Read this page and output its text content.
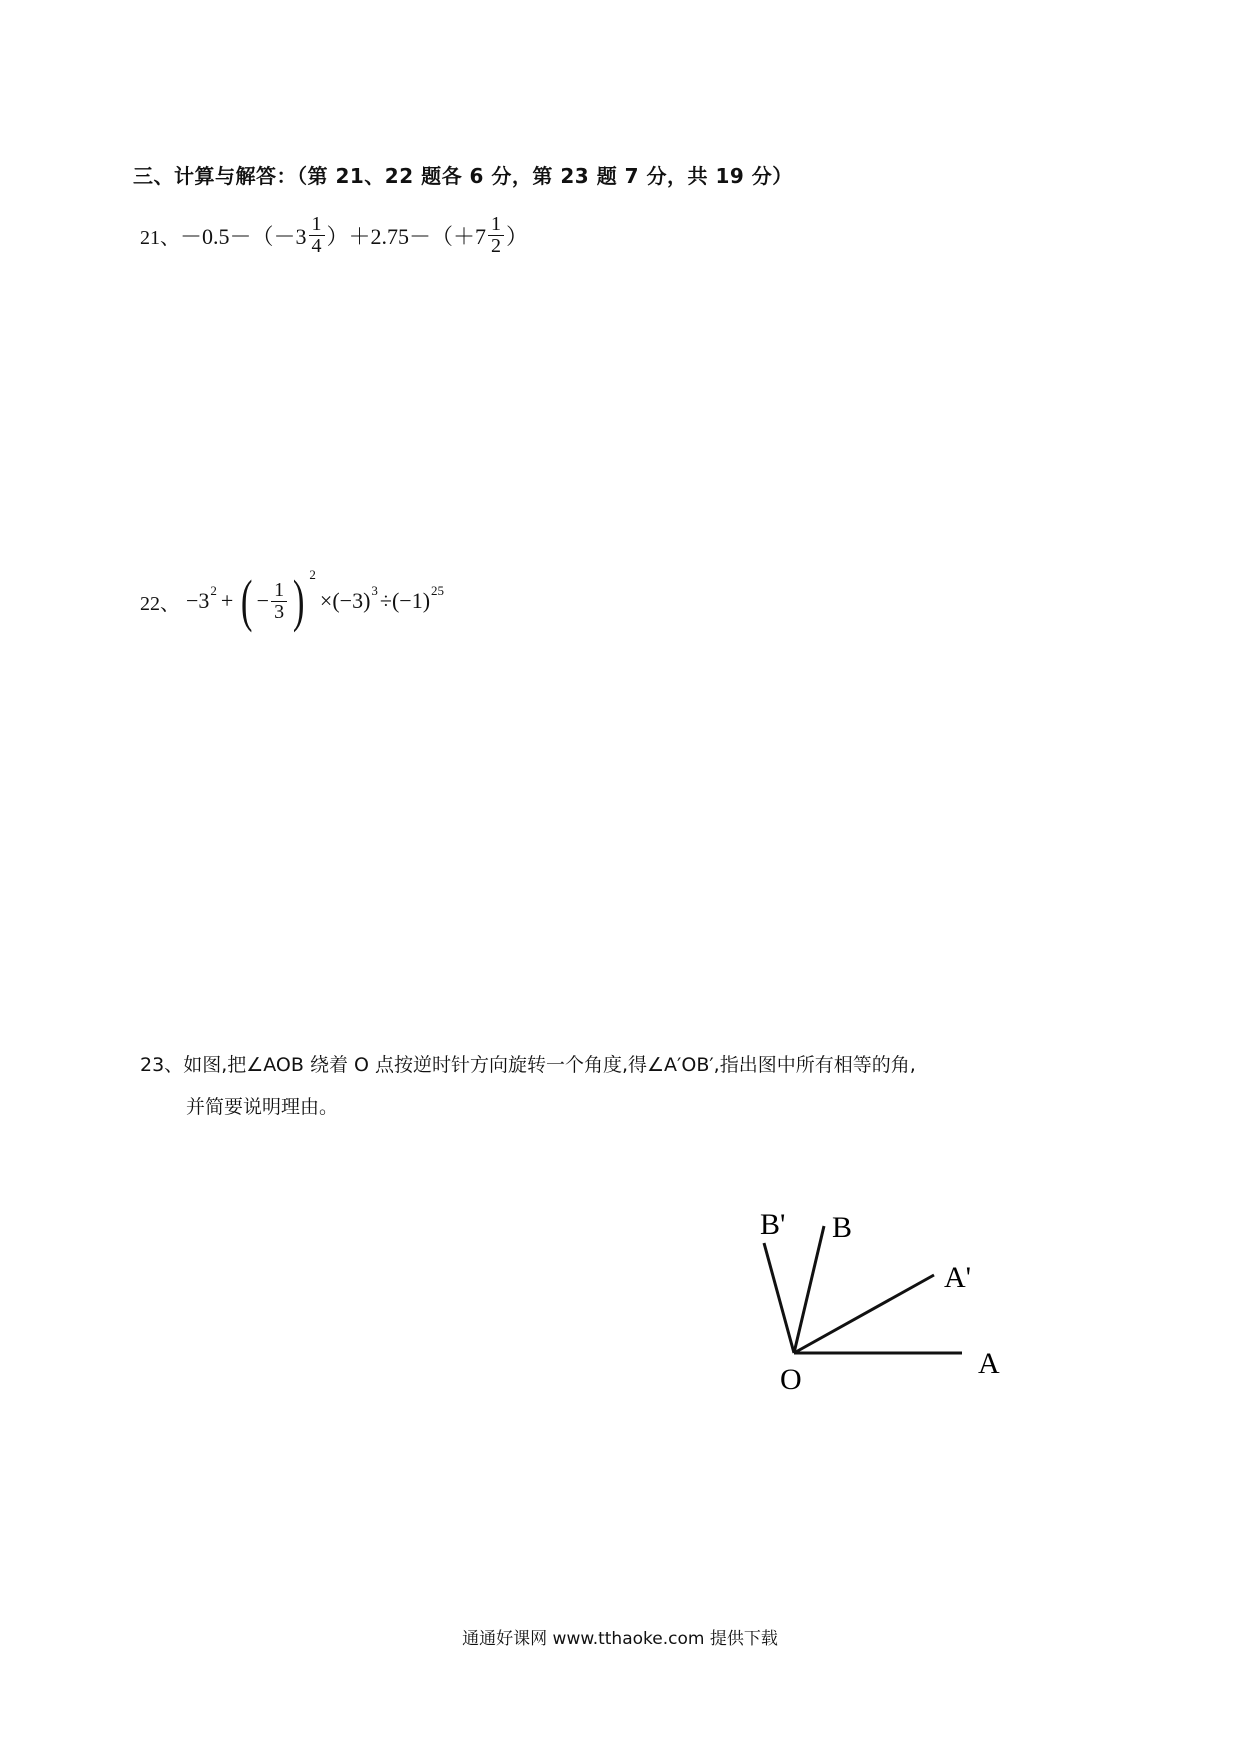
三、计算与解答：（第 21、22 题各 6 分，第 23 题 7 分，共 19 分）
21、 $-0.5-(-3 \frac{1}{4} )+2.75-(+7 \frac{1}{2}$ ）
22、 −3 2 + ( − $\frac{1}{3}$ ) 2
×(−3) 3 ÷(−1) 25
23、如图,把∠AOB 绕着 O 点按逆时针方向旋转一个角度,得∠A′OB′,指出图中所有相等的角,
并简要说明理由。
O	A
A'
B
B'
通通好课网 www.tthaoke.com 提供下载
